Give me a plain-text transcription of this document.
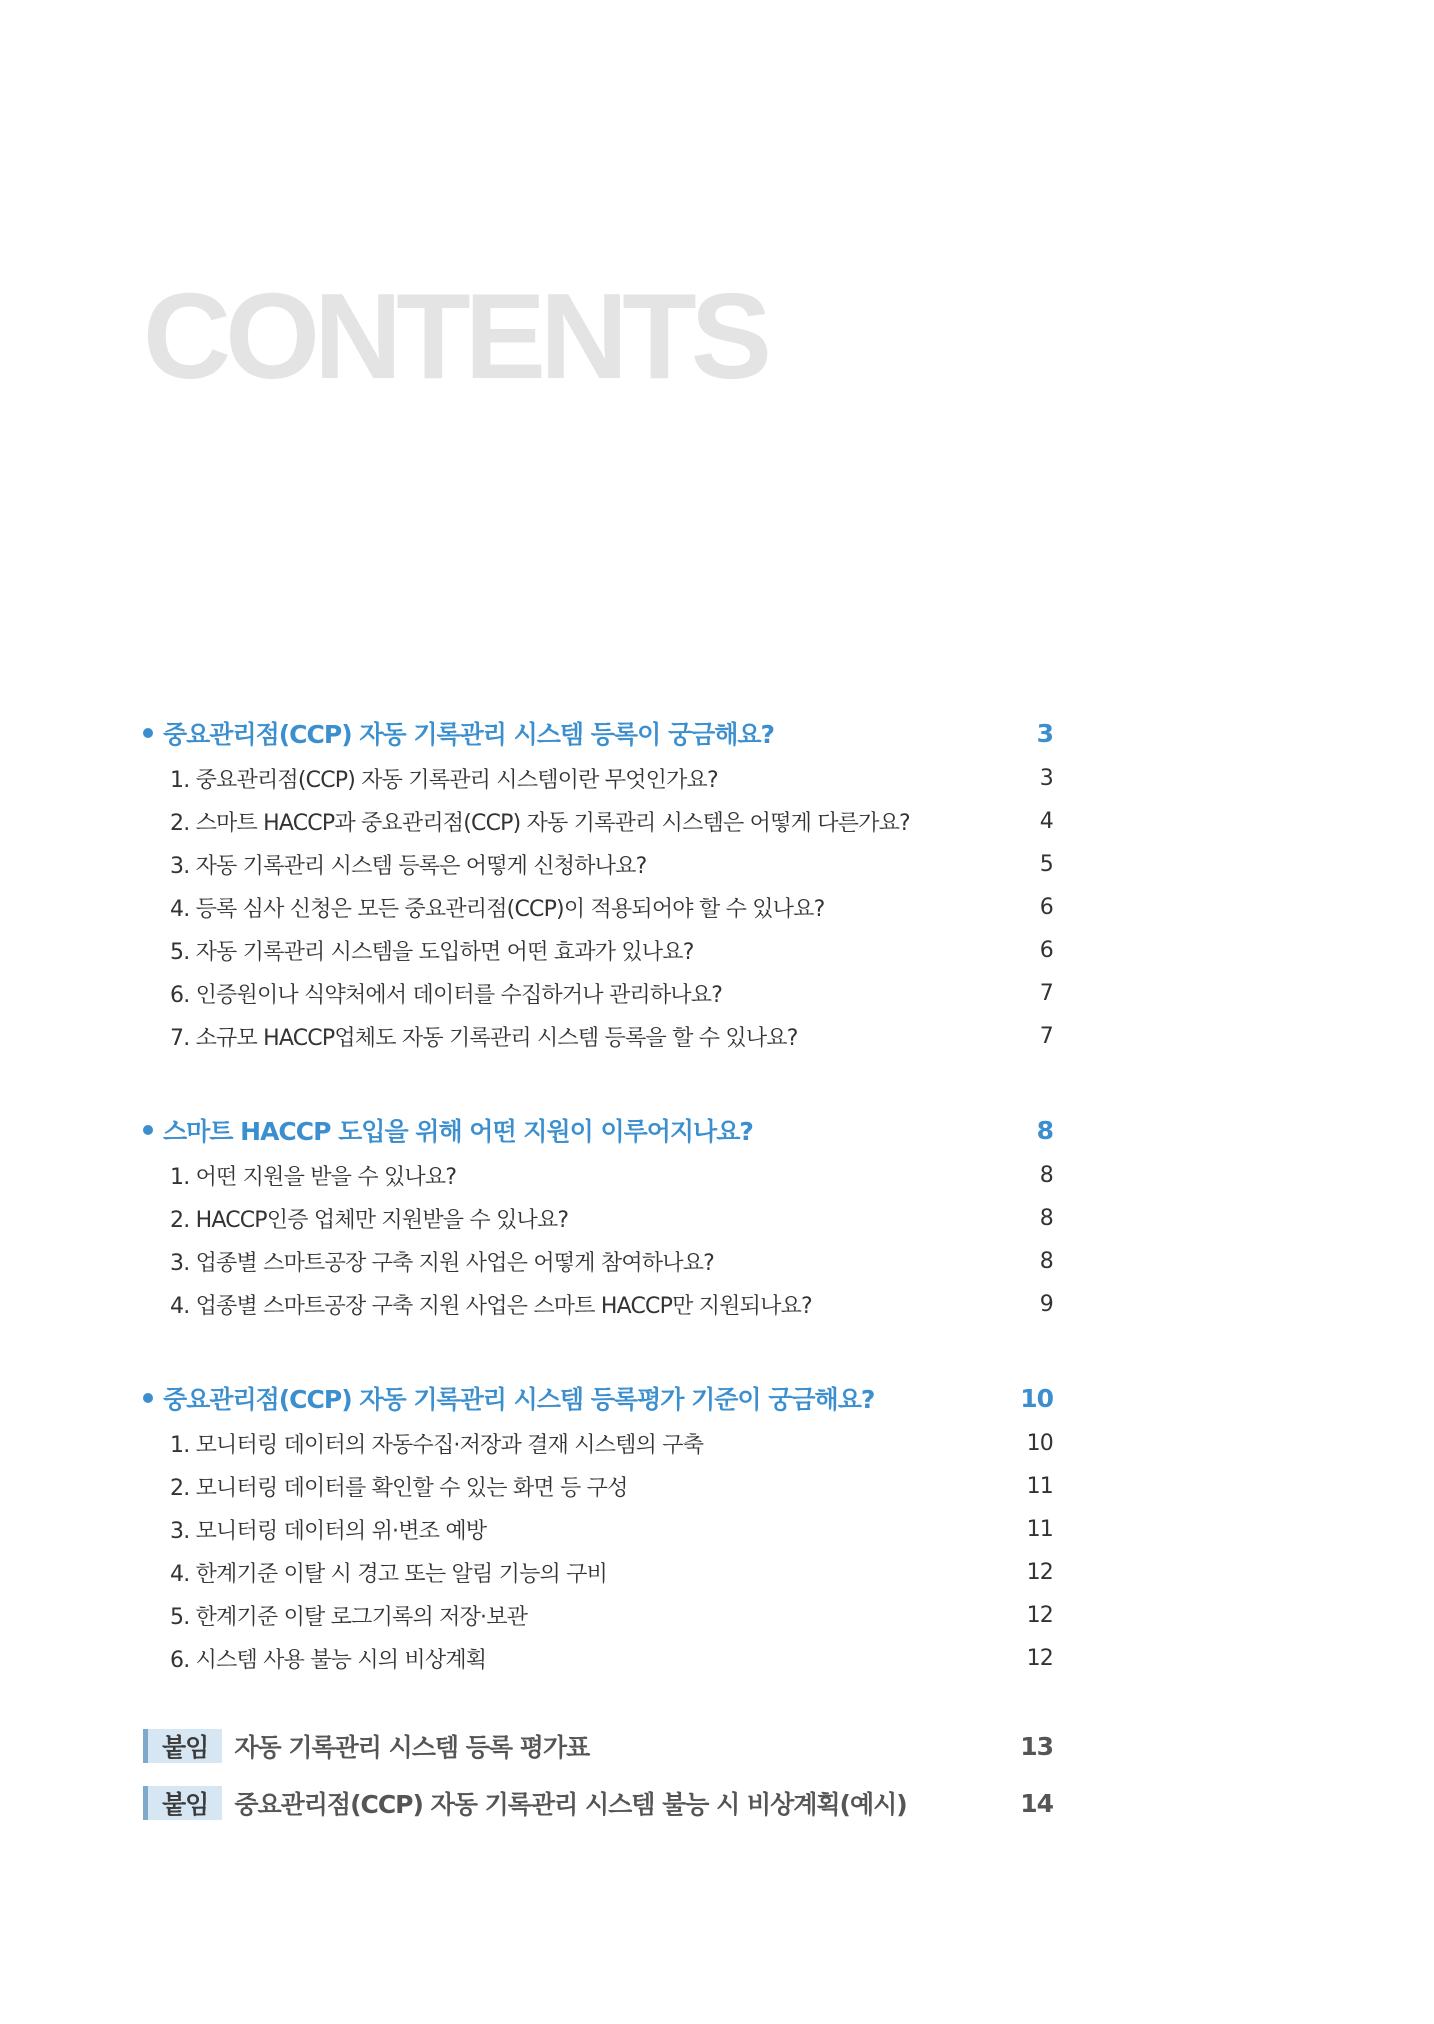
CONTENTS
중요관리점(CCP) 자동 기록관리 시스템 등록이 궁금해요?	3
1. 중요관리점(CCP) 자동 기록관리 시스템이란 무엇인가요?	3
2. 스마트 HACCP과 중요관리점(CCP) 자동 기록관리 시스템은 어떻게 다른가요?	4
3. 자동 기록관리 시스템 등록은 어떻게 신청하나요?	5
4. 등록 심사 신청은 모든 중요관리점(CCP)이 적용되어야 할 수 있나요?	6
5. 자동 기록관리 시스템을 도입하면 어떤 효과가 있나요?	6
6. 인증원이나 식약처에서 데이터를 수집하거나 관리하나요?	7
7. 소규모 HACCP업체도 자동 기록관리 시스템 등록을 할 수 있나요?	7
스마트 HACCP 도입을 위해 어떤 지원이 이루어지나요?	8
1. 어떤 지원을 받을 수 있나요?	8
2. HACCP인증 업체만 지원받을 수 있나요?	8
3. 업종별 스마트공장 구축 지원 사업은 어떻게 참여하나요?	8
4. 업종별 스마트공장 구축 지원 사업은 스마트 HACCP만 지원되나요?	9
중요관리점(CCP) 자동 기록관리 시스템 등록평가 기준이 궁금해요?	10
1. 모니터링 데이터의 자동수집·저장과 결재 시스템의 구축	10
2. 모니터링 데이터를 확인할 수 있는 화면 등 구성	11
3. 모니터링 데이터의 위·변조 예방	11
4. 한계기준 이탈 시 경고 또는 알림 기능의 구비	12
5. 한계기준 이탈 로그기록의 저장·보관	12
6. 시스템 사용 불능 시의 비상계획	12
붙임	자동 기록관리 시스템 등록 평가표	13
붙임	중요관리점(CCP) 자동 기록관리 시스템 불능 시 비상계획(예시)	14
